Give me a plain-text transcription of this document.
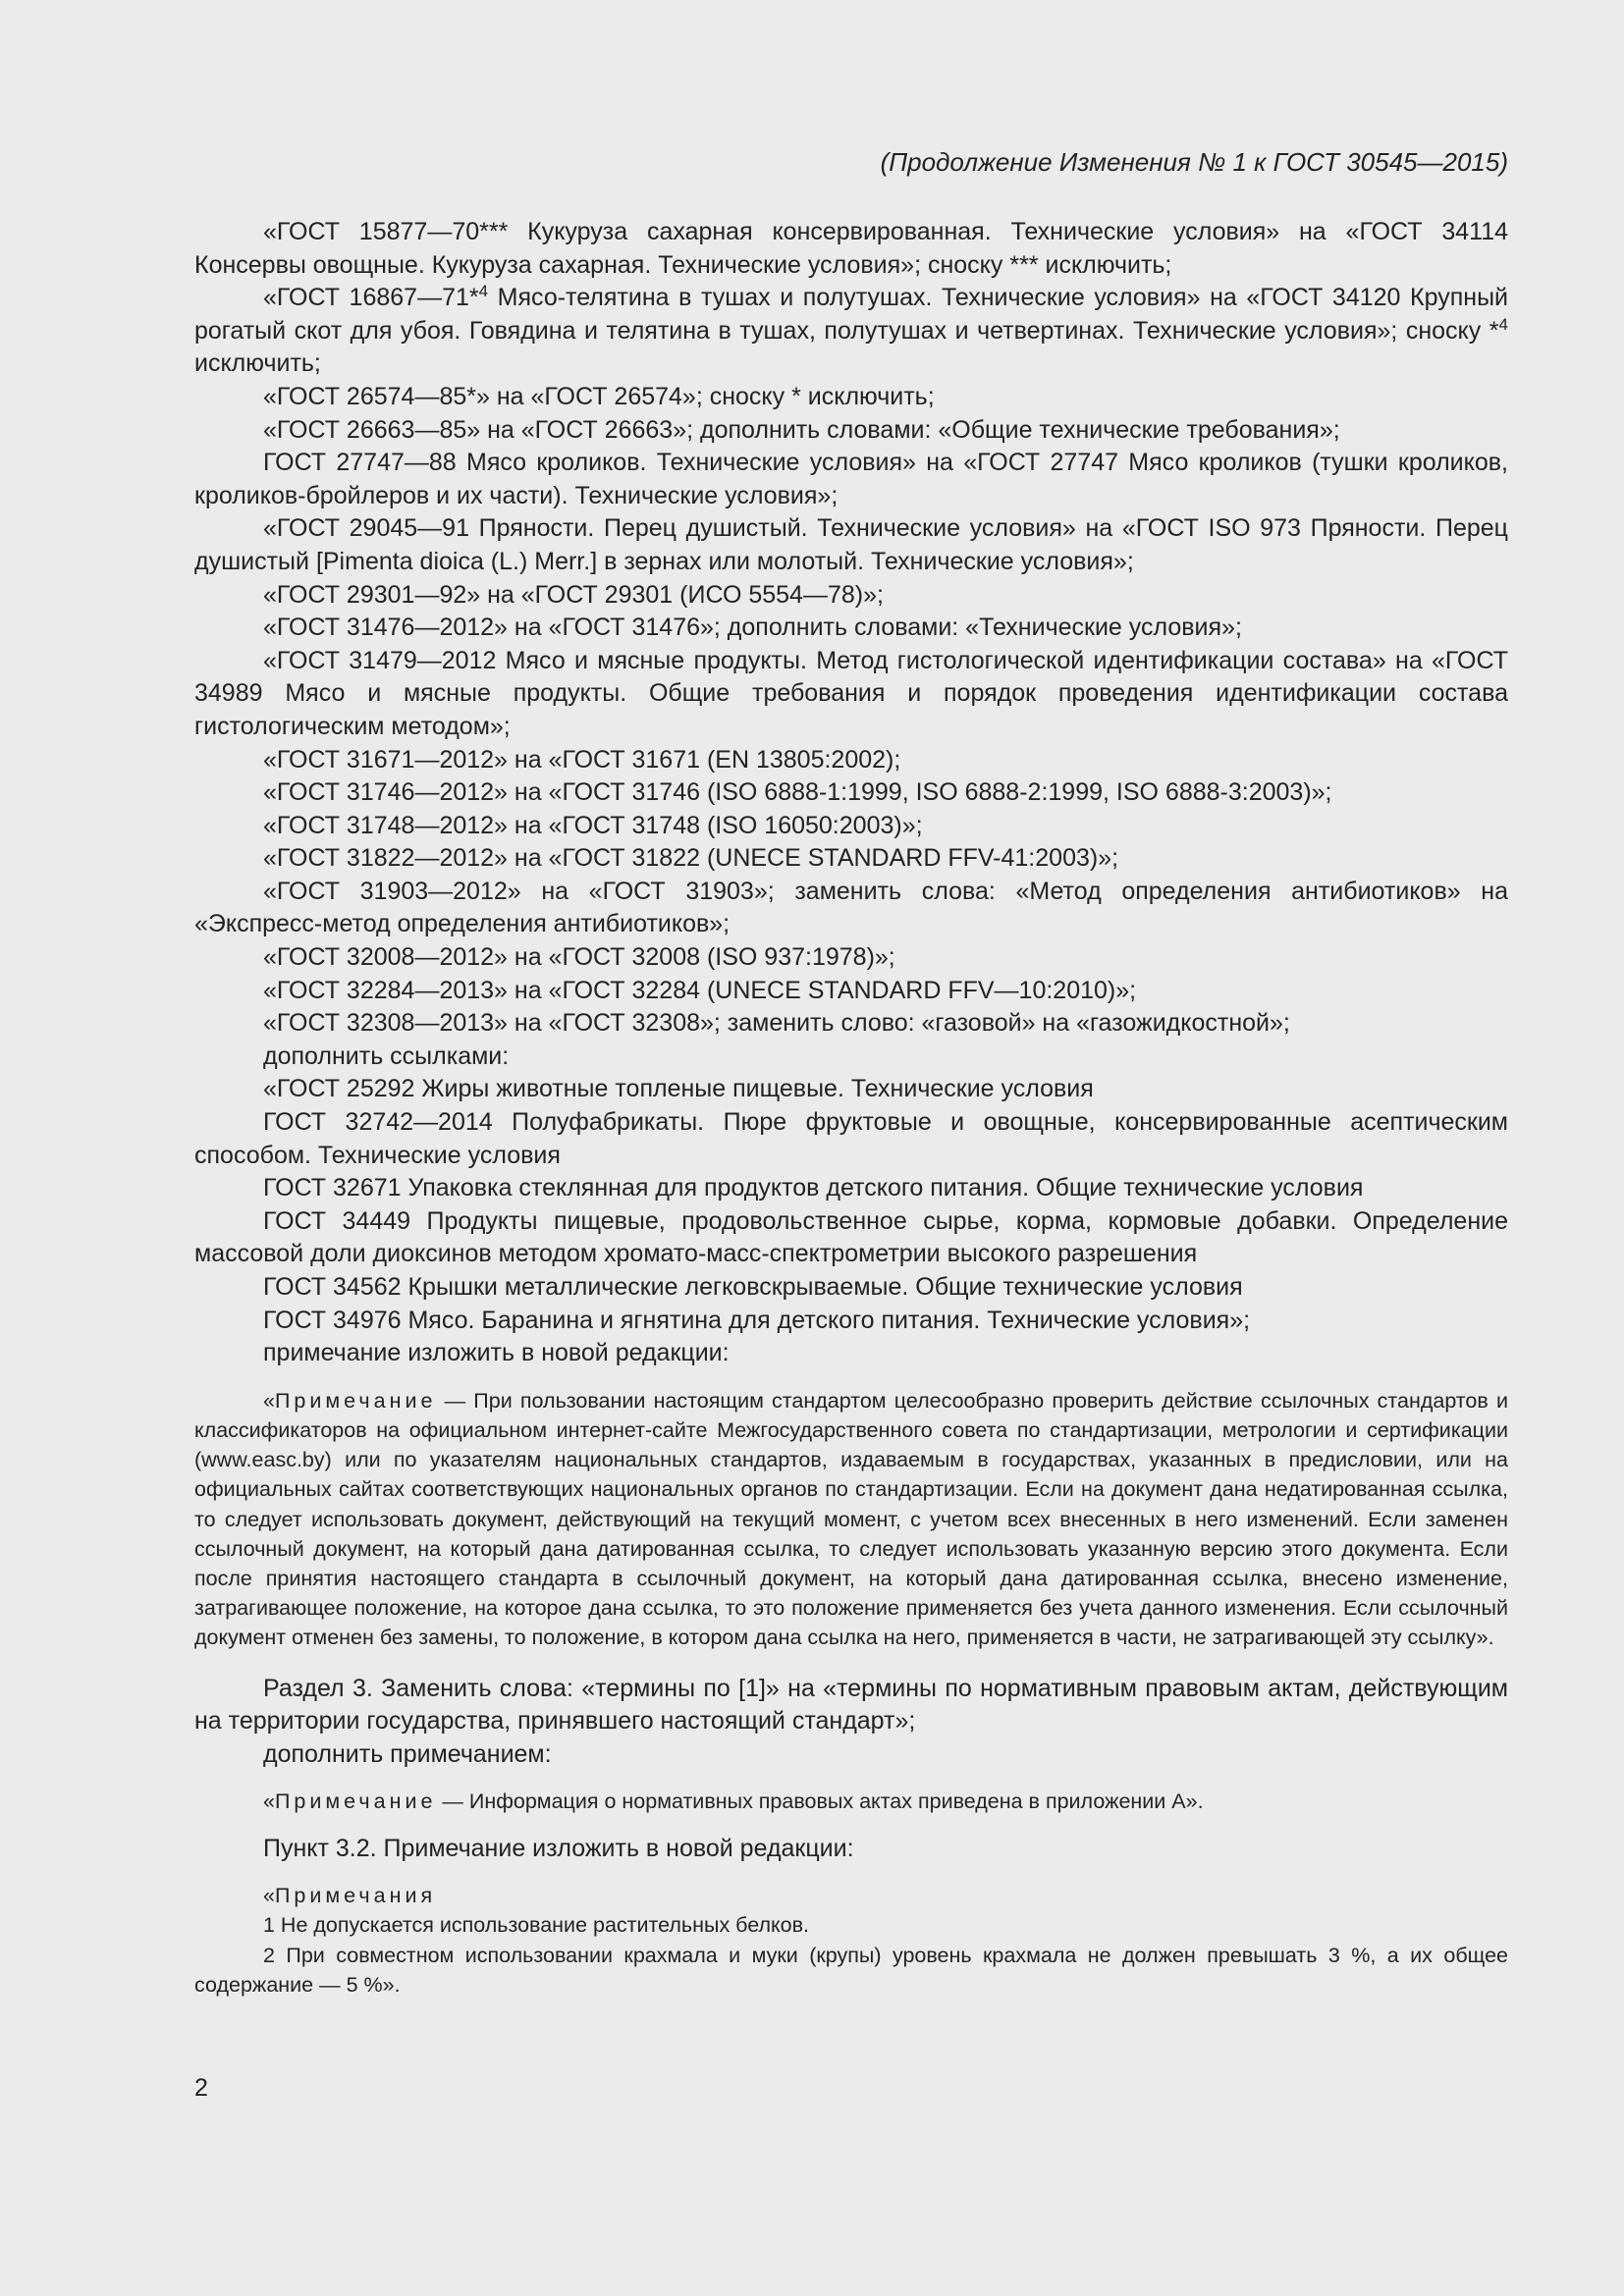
(Продолжение Изменения № 1 к ГОСТ 30545—2015)

«ГОСТ 15877—70*** Кукуруза сахарная консервированная. Технические условия» на «ГОСТ 34114 Консервы овощные. Кукуруза сахарная. Технические условия»; сноску *** исключить;

«ГОСТ 16867—71*$^4$ Мясо-телятина в тушах и полутушах. Технические условия» на «ГОСТ 34120 Крупный рогатый скот для убоя. Говядина и телятина в тушах, полутушах и четвертинах. Технические условия»; сноску *$^4$ исключить;

«ГОСТ 26574—85*» на «ГОСТ 26574»; сноску * исключить;

«ГОСТ 26663—85» на «ГОСТ 26663»; дополнить словами: «Общие технические требования»;

ГОСТ 27747—88 Мясо кроликов. Технические условия» на «ГОСТ 27747 Мясо кроликов (тушки кроликов, кроликов-бройлеров и их части). Технические условия»;

«ГОСТ 29045—91 Пряности. Перец душистый. Технические условия» на «ГОСТ ISO 973 Пряности. Перец душистый [Pimenta dioica (L.) Merr.] в зернах или молотый. Технические условия»;

«ГОСТ 29301—92» на «ГОСТ 29301 (ИСО 5554—78)»;

«ГОСТ 31476—2012» на «ГОСТ 31476»; дополнить словами: «Технические условия»;

«ГОСТ 31479—2012 Мясо и мясные продукты. Метод гистологической идентификации состава» на «ГОСТ 34989 Мясо и мясные продукты. Общие требования и порядок проведения идентификации состава гистологическим методом»;

«ГОСТ 31671—2012» на «ГОСТ 31671 (EN 13805:2002);

«ГОСТ 31746—2012» на «ГОСТ 31746 (ISO 6888-1:1999, ISO 6888-2:1999, ISO 6888-3:2003)»;

«ГОСТ 31748—2012» на «ГОСТ 31748 (ISO 16050:2003)»;

«ГОСТ 31822—2012» на «ГОСТ 31822 (UNECE STANDARD FFV-41:2003)»;

«ГОСТ 31903—2012» на «ГОСТ 31903»; заменить слова: «Метод определения антибиотиков» на «Экспресс-метод определения антибиотиков»;

«ГОСТ 32008—2012» на «ГОСТ 32008 (ISO 937:1978)»;

«ГОСТ 32284—2013» на «ГОСТ 32284 (UNECE STANDARD FFV—10:2010)»;

«ГОСТ 32308—2013» на «ГОСТ 32308»; заменить слово: «газовой» на «газожидкостной»;

дополнить ссылками:

«ГОСТ 25292 Жиры животные топленые пищевые. Технические условия

ГОСТ 32742—2014 Полуфабрикаты. Пюре фруктовые и овощные, консервированные асептическим способом. Технические условия

ГОСТ 32671 Упаковка стеклянная для продуктов детского питания. Общие технические условия

ГОСТ 34449 Продукты пищевые, продовольственное сырье, корма, кормовые добавки. Определение массовой доли диоксинов методом хромато-масс-спектрометрии высокого разрешения

ГОСТ 34562 Крышки металлические легковскрываемые. Общие технические условия

ГОСТ 34976 Мясо. Баранина и ягнятина для детского питания. Технические условия»;

примечание изложить в новой редакции:

«Примечание — При пользовании настоящим стандартом целесообразно проверить действие ссылочных стандартов и классификаторов на официальном интернет-сайте Межгосударственного совета по стандартизации, метрологии и сертификации (www.easc.by) или по указателям национальных стандартов, издаваемым в государствах, указанных в предисловии, или на официальных сайтах соответствующих национальных органов по стандартизации. Если на документ дана недатированная ссылка, то следует использовать документ, действующий на текущий момент, с учетом всех внесенных в него изменений. Если заменен ссылочный документ, на который дана датированная ссылка, то следует использовать указанную версию этого документа. Если после принятия настоящего стандарта в ссылочный документ, на который дана датированная ссылка, внесено изменение, затрагивающее положение, на которое дана ссылка, то это положение применяется без учета данного изменения. Если ссылочный документ отменен без замены, то положение, в котором дана ссылка на него, применяется в части, не затрагивающей эту ссылку».

Раздел 3. Заменить слова: «термины по [1]» на «термины по нормативным правовым актам, действующим на территории государства, принявшего настоящий стандарт»;

дополнить примечанием:

«Примечание — Информация о нормативных правовых актах приведена в приложении А».

Пункт 3.2. Примечание изложить в новой редакции:

«Примечания

1 Не допускается использование растительных белков.

2 При совместном использовании крахмала и муки (крупы) уровень крахмала не должен превышать 3 %, а их общее содержание — 5 %».

2
